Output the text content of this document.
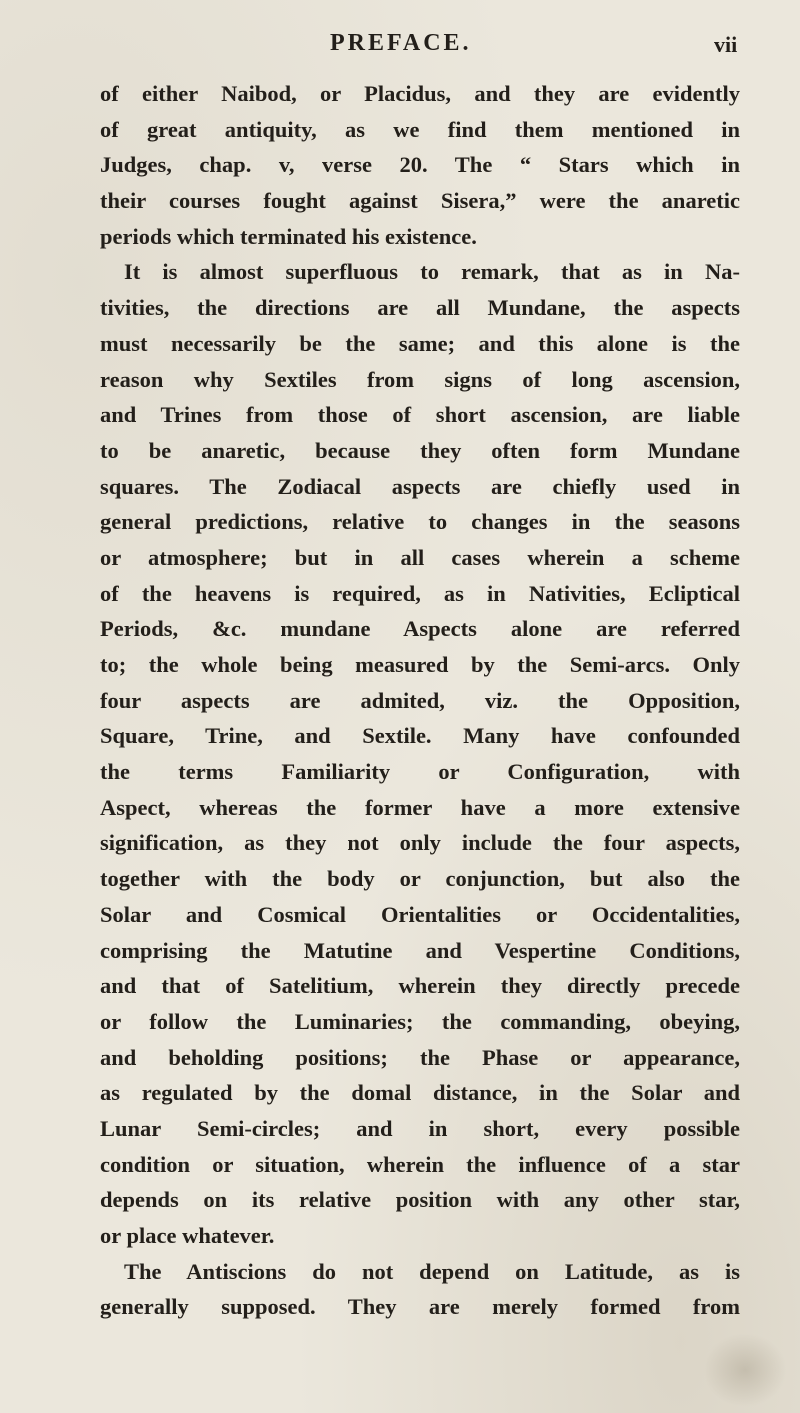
PREFACE.	vii
of either Naibod, or Placidus, and they are evidently
of great antiquity, as we find them mentioned in
Judges, chap. v, verse 20. The “ Stars which in
their courses fought against Sisera,” were the anaretic
periods which terminated his existence.
It is almost superfluous to remark, that as in Na-
tivities, the directions are all Mundane, the aspects
must necessarily be the same; and this alone is the
reason why Sextiles from signs of long ascension,
and Trines from those of short ascension, are liable
to be anaretic, because they often form Mundane
squares. The Zodiacal aspects are chiefly used in
general predictions, relative to changes in the seasons
or atmosphere; but in all cases wherein a scheme
of the heavens is required, as in Nativities, Ecliptical
Periods, &c. mundane Aspects alone are referred
to; the whole being measured by the Semi-arcs. Only
four aspects are admited, viz. the Opposition,
Square, Trine, and Sextile. Many have confounded
the terms Familiarity or Configuration, with
Aspect, whereas the former have a more extensive
signification, as they not only include the four aspects,
together with the body or conjunction, but also the
Solar and Cosmical Orientalities or Occidentalities,
comprising the Matutine and Vespertine Conditions,
and that of Satelitium, wherein they directly precede
or follow the Luminaries; the commanding, obeying,
and beholding positions; the Phase or appearance,
as regulated by the domal distance, in the Solar and
Lunar Semi-circles; and in short, every possible
condition or situation, wherein the influence of a star
depends on its relative position with any other star,
or place whatever.
The Antiscions do not depend on Latitude, as is
generally supposed. They are merely formed from
